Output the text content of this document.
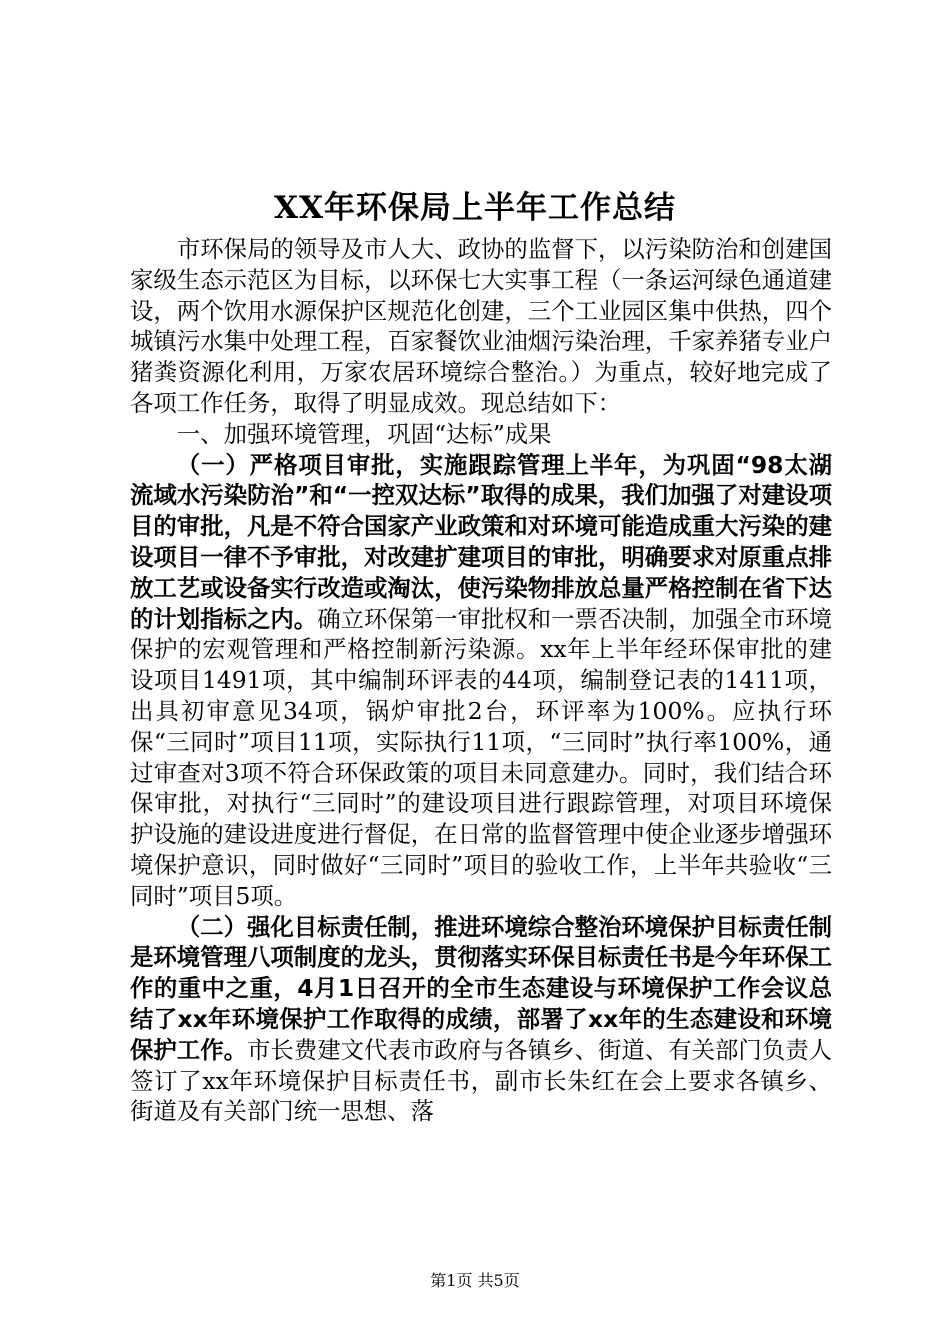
XX年环保局上半年工作总结

市环保局的领导及市人大、政协的监督下，以污染防治和创建国家级生态示范区为目标，以环保七大实事工程（一条运河绿色通道建设，两个饮用水源保护区规范化创建，三个工业园区集中供热，四个城镇污水集中处理工程，百家餐饮业油烟污染治理，千家养猪专业户猪粪资源化利用，万家农居环境综合整治。）为重点，较好地完成了各项工作任务，取得了明显成效。现总结如下：

一、加强环境管理，巩固“达标”成果

（一）严格项目审批，实施跟踪管理上半年，为巩固“98太湖流域水污染防治”和“一控双达标”取得的成果，我们加强了对建设项目的审批，凡是不符合国家产业政策和对环境可能造成重大污染的建设项目一律不予审批，对改建扩建项目的审批，明确要求对原重点排放工艺或设备实行改造或淘汰，使污染物排放总量严格控制在省下达的计划指标之内。确立环保第一审批权和一票否决制，加强全市环境保护的宏观管理和严格控制新污染源。xx年上半年经环保审批的建设项目1491项，其中编制环评表的44项，编制登记表的1411项，出具初审意见34项，锅炉审批2台，环评率为100%。应执行环保“三同时”项目11项，实际执行11项，“三同时”执行率100%，通过审查对3项不符合环保政策的项目未同意建办。同时，我们结合环保审批，对执行“三同时”的建设项目进行跟踪管理，对项目环境保护设施的建设进度进行督促，在日常的监督管理中使企业逐步增强环境保护意识，同时做好“三同时”项目的验收工作，上半年共验收“三同时”项目5项。

（二）强化目标责任制，推进环境综合整治环境保护目标责任制是环境管理八项制度的龙头，贯彻落实环保目标责任书是今年环保工作的重中之重，4月1日召开的全市生态建设与环境保护工作会议总结了xx年环境保护工作取得的成绩，部署了xx年的生态建设和环境保护工作。市长费建文代表市政府与各镇乡、街道、有关部门负责人签订了xx年环境保护目标责任书，副市长朱红在会上要求各镇乡、街道及有关部门统一思想、落

第1页 共5页
